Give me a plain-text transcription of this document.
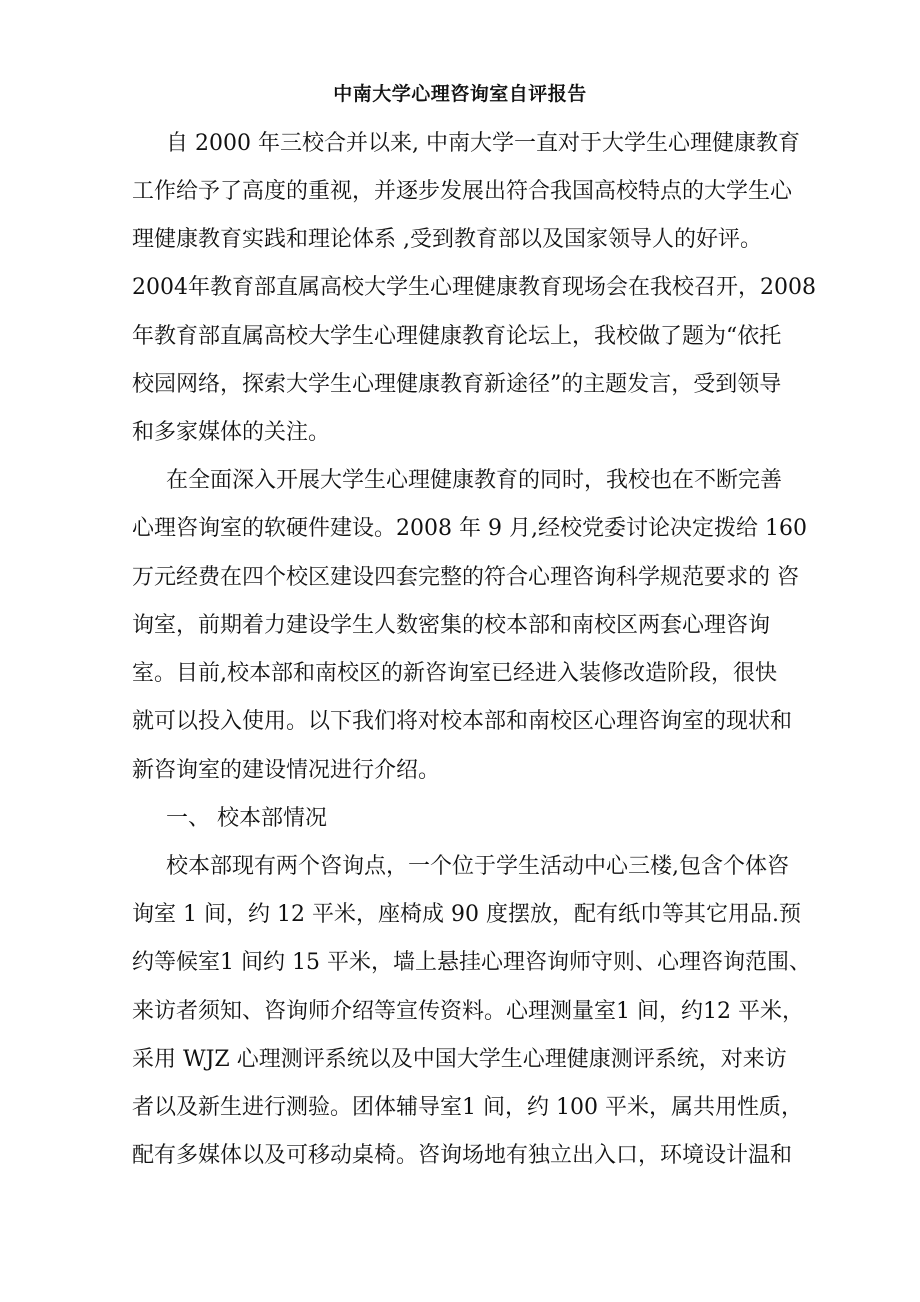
中南大学心理咨询室自评报告
自 2000 年三校合并以来, 中南大学一直对于大学生心理健康教育
工作给予了高度的重视，并逐步发展出符合我国高校特点的大学生心
理健康教育实践和理论体系 ,受到教育部以及国家领导人的好评。
2004年教育部直属高校大学生心理健康教育现场会在我校召开，2008
年教育部直属高校大学生心理健康教育论坛上，我校做了题为“依托
校园网络，探索大学生心理健康教育新途径”的主题发言，受到领导
和多家媒体的关注。
在全面深入开展大学生心理健康教育的同时，我校也在不断完善
心理咨询室的软硬件建设。2008 年 9 月,经校党委讨论决定拨给 160
万元经费在四个校区建设四套完整的符合心理咨询科学规范要求的 咨
询室，前期着力建设学生人数密集的校本部和南校区两套心理咨询
室。目前,校本部和南校区的新咨询室已经进入装修改造阶段，很快
就可以投入使用。以下我们将对校本部和南校区心理咨询室的现状和
新咨询室的建设情况进行介绍。
一、 校本部情况
校本部现有两个咨询点，一个位于学生活动中心三楼,包含个体咨
询室 1 间，约 12 平米，座椅成 90 度摆放，配有纸巾等其它用品.预
约等候室1 间约 15 平米，墙上悬挂心理咨询师守则、心理咨询范围、
来访者须知、咨询师介绍等宣传资料。心理测量室1 间，约12 平米，
采用 WJZ 心理测评系统以及中国大学生心理健康测评系统，对来访
者以及新生进行测验。团体辅导室1 间，约 100 平米，属共用性质，
配有多媒体以及可移动桌椅。咨询场地有独立出入口，环境设计温和
